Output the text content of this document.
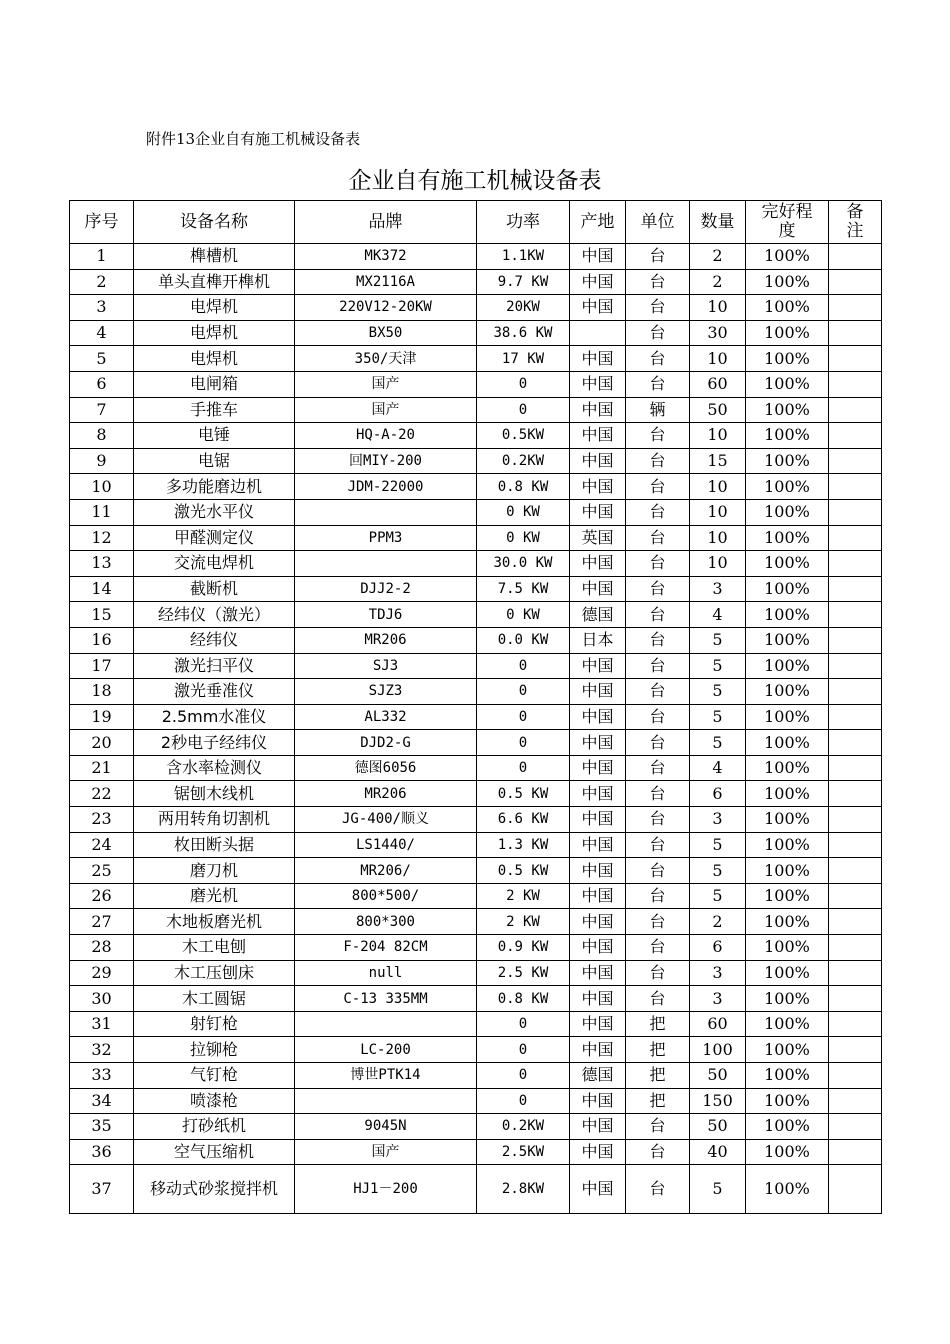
附件13企业自有施工机械设备表
企业自有施工机械设备表
序号	设备名称	品牌	功率	产地	单位	数量	完好程度	备注
1	榫槽机	MK372	1.1KW	中国	台	2	100%	
2	单头直榫开榫机	MX2116A	9.7 KW	中国	台	2	100%	
3	电焊机	220V12-20KW	20KW	中国	台	10	100%	
4	电焊机	BX50	38.6 KW		台	30	100%	
5	电焊机	350/天津	17 KW	中国	台	10	100%	
6	电闸箱	国产	0	中国	台	60	100%	
7	手推车	国产	0	中国	辆	50	100%	
8	电锤	HQ-A-20	0.5KW	中国	台	10	100%	
9	电锯	回MIY-200	0.2KW	中国	台	15	100%	
10	多功能磨边机	JDM-22000	0.8 KW	中国	台	10	100%	
11	激光水平仪		0 KW	中国	台	10	100%	
12	甲醛测定仪	PPM3	0 KW	英国	台	10	100%	
13	交流电焊机		30.0 KW	中国	台	10	100%	
14	截断机	DJJ2-2	7.5 KW	中国	台	3	100%	
15	经纬仪（激光）	TDJ6	0 KW	德国	台	4	100%	
16	经纬仪	MR206	0.0 KW	日本	台	5	100%	
17	激光扫平仪	SJ3	0	中国	台	5	100%	
18	激光垂准仪	SJZ3	0	中国	台	5	100%	
19	2.5mm水准仪	AL332	0	中国	台	5	100%	
20	2秒电子经纬仪	DJD2-G	0	中国	台	5	100%	
21	含水率检测仪	德图6056	0	中国	台	4	100%	
22	锯刨木线机	MR206	0.5 KW	中国	台	6	100%	
23	两用转角切割机	JG-400/顺义	6.6 KW	中国	台	3	100%	
24	枚田断头据	LS1440/	1.3 KW	中国	台	5	100%	
25	磨刀机	MR206/	0.5 KW	中国	台	5	100%	
26	磨光机	800*500/	2 KW	中国	台	5	100%	
27	木地板磨光机	800*300	2 KW	中国	台	2	100%	
28	木工电刨	F-204 82CM	0.9 KW	中国	台	6	100%	
29	木工压刨床	null	2.5 KW	中国	台	3	100%	
30	木工圆锯	C-13 335MM	0.8 KW	中国	台	3	100%	
31	射钉枪		0	中国	把	60	100%	
32	拉铆枪	LC-200	0	中国	把	100	100%	
33	气钉枪	博世PTK14	0	德国	把	50	100%	
34	喷漆枪		0	中国	把	150	100%	
35	打砂纸机	9045N	0.2KW	中国	台	50	100%	
36	空气压缩机	国产	2.5KW	中国	台	40	100%	
37	移动式砂浆搅拌机	HJ1－200	2.8KW	中国	台	5	100%	
